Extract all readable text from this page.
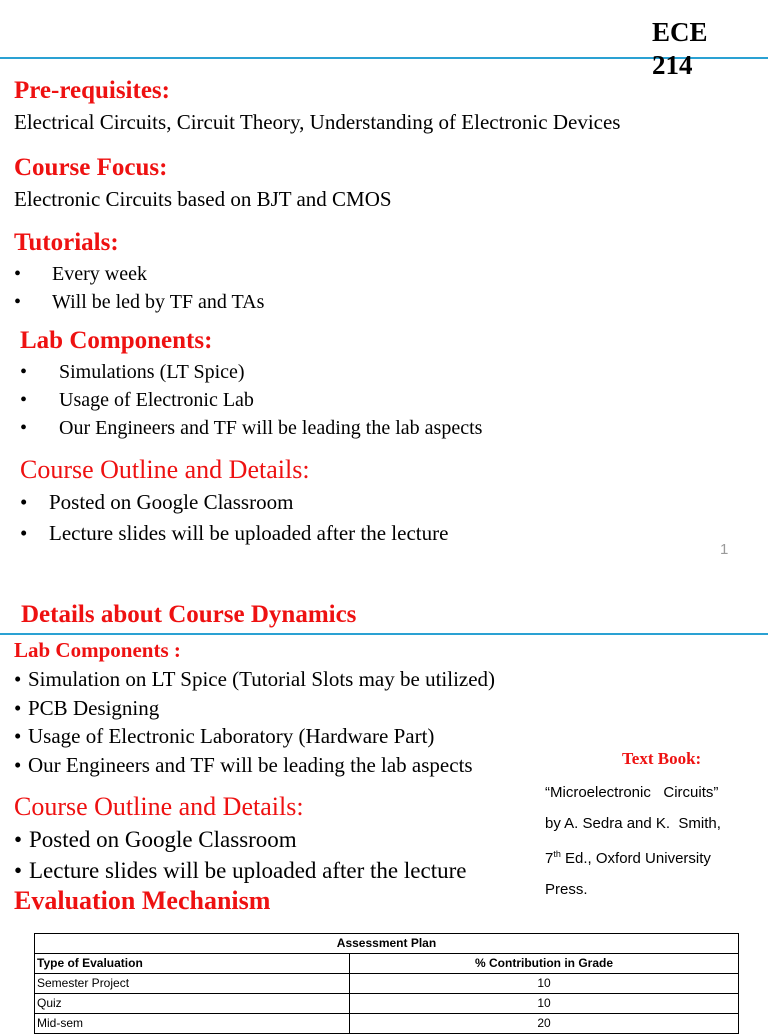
ECE 214
Pre-requisites:
Electrical Circuits, Circuit Theory, Understanding of Electronic Devices
Course Focus:
Electronic Circuits based on BJT and CMOS
Tutorials:
• Every week
• Will be led by TF and TAs
Lab Components:
• Simulations (LT Spice)
• Usage of Electronic Lab
• Our Engineers and TF will be leading the lab aspects
Course Outline and Details:
• Posted on Google Classroom
• Lecture slides will be uploaded after the lecture
1
Details about Course Dynamics
Lab Components :
• Simulation on LT Spice (Tutorial Slots may be utilized)
• PCB Designing
• Usage of Electronic Laboratory (Hardware Part)
• Our Engineers and TF will be leading the lab aspects
Course Outline and Details:
• Posted on Google Classroom
• Lecture slides will be uploaded after the lecture
Evaluation Mechanism
Text Book:
“Microelectronic   Circuits”
by A. Sedra and K.  Smith,
7th Ed., Oxford University
Press.
Assessment Plan	
Type of Evaluation	% Contribution in Grade
Semester Project	10
Quiz	10
Mid-sem	20
